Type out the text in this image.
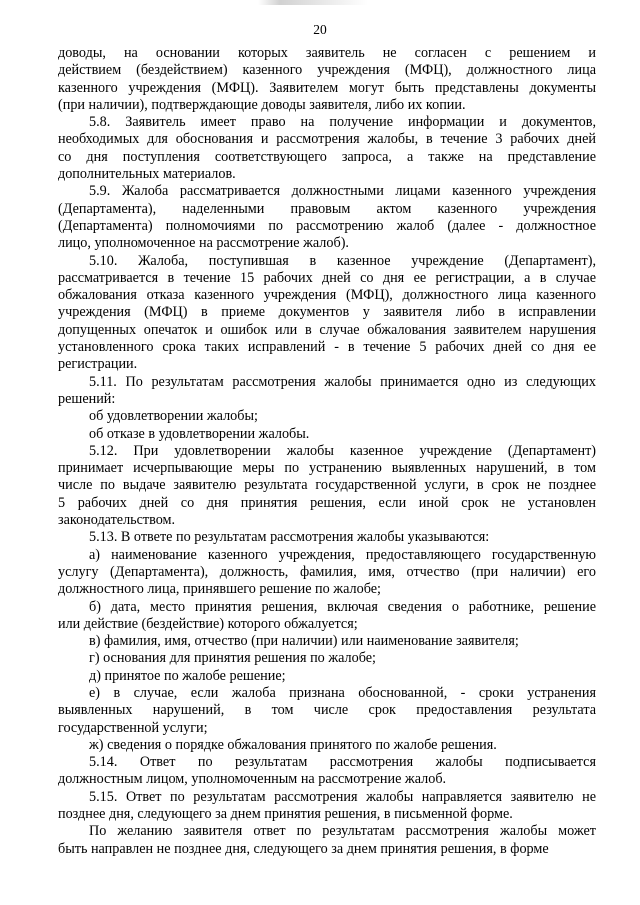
20

доводы, на основании которых заявитель не согласен с решением и
действием (бездействием) казенного учреждения (МФЦ), должностного лица
казенного учреждения (МФЦ). Заявителем могут быть представлены документы
(при наличии), подтверждающие доводы заявителя, либо их копии.

5.8. Заявитель имеет право на получение информации и документов,
необходимых для обоснования и рассмотрения жалобы, в течение 3 рабочих дней
со дня поступления соответствующего запроса, а также на представление
дополнительных материалов.

5.9. Жалоба рассматривается должностными лицами казенного учреждения
(Департамента), наделенными правовым актом казенного учреждения
(Департамента) полномочиями по рассмотрению жалоб (далее - должностное
лицо, уполномоченное на рассмотрение жалоб).

5.10. Жалоба, поступившая в казенное учреждение (Департамент),
рассматривается в течение 15 рабочих дней со дня ее регистрации, а в случае
обжалования отказа казенного учреждения (МФЦ), должностного лица казенного
учреждения (МФЦ) в приеме документов у заявителя либо в исправлении
допущенных опечаток и ошибок или в случае обжалования заявителем нарушения
установленного срока таких исправлений - в течение 5 рабочих дней со дня ее
регистрации.

5.11. По результатам рассмотрения жалобы принимается одно из следующих
решений:

об удовлетворении жалобы;

об отказе в удовлетворении жалобы.

5.12. При удовлетворении жалобы казенное учреждение (Департамент)
принимает исчерпывающие меры по устранению выявленных нарушений, в том
числе по выдаче заявителю результата государственной услуги, в срок не позднее
5 рабочих дней со дня принятия решения, если иной срок не установлен
законодательством.

5.13. В ответе по результатам рассмотрения жалобы указываются:

а) наименование казенного учреждения, предоставляющего государственную
услугу (Департамента), должность, фамилия, имя, отчество (при наличии) его
должностного лица, принявшего решение по жалобе;

б) дата, место принятия решения, включая сведения о работнике, решение
или действие (бездействие) которого обжалуется;

в) фамилия, имя, отчество (при наличии) или наименование заявителя;

г) основания для принятия решения по жалобе;

д) принятое по жалобе решение;

е) в случае, если жалоба признана обоснованной, - сроки устранения
выявленных нарушений, в том числе срок предоставления результата
государственной услуги;

ж) сведения о порядке обжалования принятого по жалобе решения.

5.14. Ответ по результатам рассмотрения жалобы подписывается
должностным лицом, уполномоченным на рассмотрение жалоб.

5.15. Ответ по результатам рассмотрения жалобы направляется заявителю не
позднее дня, следующего за днем принятия решения, в письменной форме.

По желанию заявителя ответ по результатам рассмотрения жалобы может
быть направлен не позднее дня, следующего за днем принятия решения, в форме
